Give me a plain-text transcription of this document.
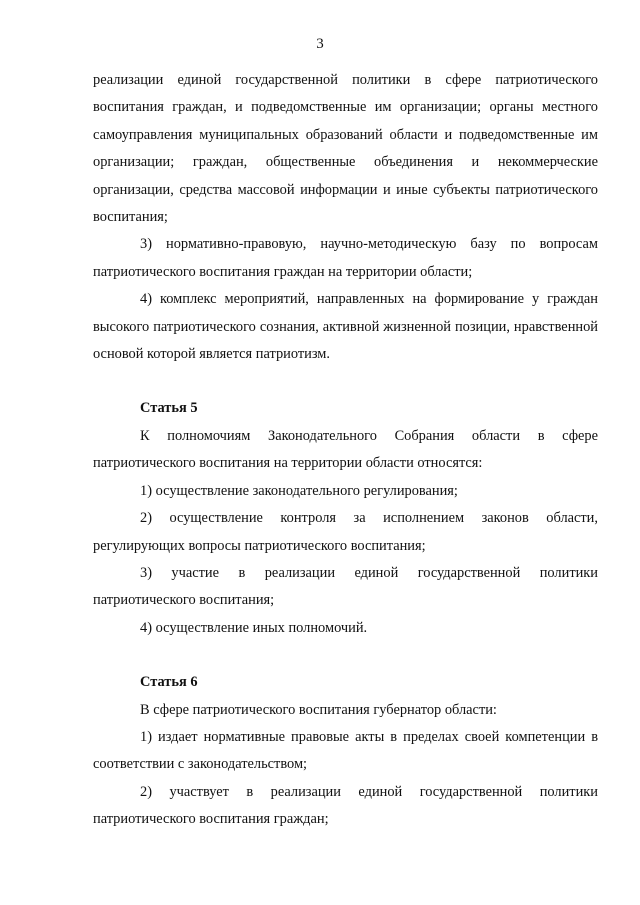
3

реализации единой государственной политики в сфере патриотического воспитания граждан, и подведомственные им организации; органы местного самоуправления муниципальных образований области и подведомственные им организации; граждан, общественные объединения и некоммерческие организации, средства массовой информации и иные субъекты патриотического воспитания;

3) нормативно-правовую, научно-методическую базу по вопросам патриотического воспитания граждан на территории области;

4) комплекс мероприятий, направленных на формирование у граждан высокого патриотического сознания, активной жизненной позиции, нравственной основой которой является патриотизм.

Статья 5

К полномочиям Законодательного Собрания области в сфере патриотического воспитания на территории области относятся:

1) осуществление законодательного регулирования;

2) осуществление контроля за исполнением законов области, регулирующих вопросы патриотического воспитания;

3) участие в реализации единой государственной политики патриотического воспитания;

4) осуществление иных полномочий.

Статья 6

В сфере патриотического воспитания губернатор области:

1) издает нормативные правовые акты в пределах своей компетенции в соответствии с законодательством;

2) участвует в реализации единой государственной политики патриотического воспитания граждан;
